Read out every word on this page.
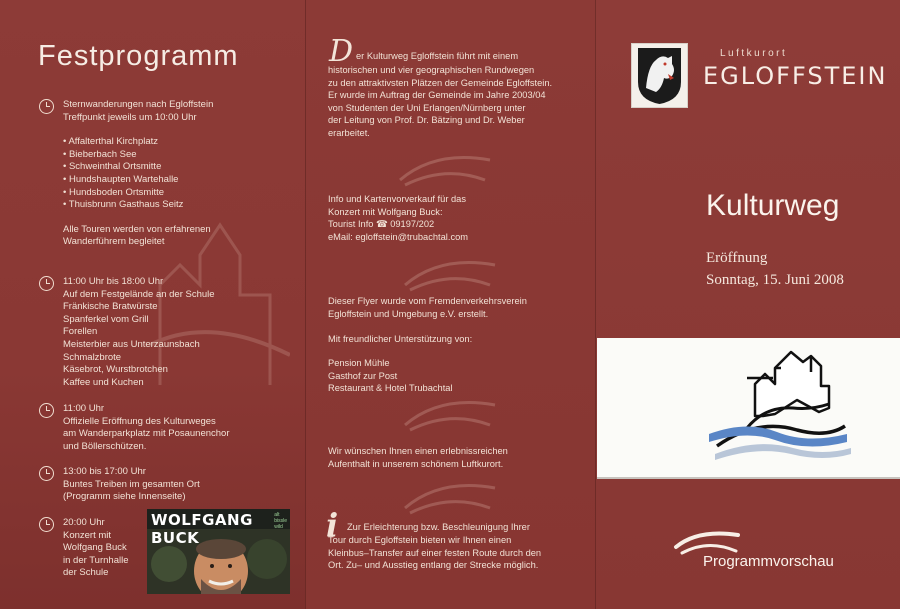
Festprogramm
Sternwanderungen nach Egloffstein
Treffpunkt jeweils um 10:00 Uhr
• Affalterthal Kirchplatz
• Bieberbach See
• Schweinthal Ortsmitte
• Hundshaupten Wartehalle
• Hundsboden Ortsmitte
• Thuisbrunn Gasthaus Seitz
Alle Touren werden von erfahrenen
Wanderführern begleitet
11:00 Uhr bis 18:00 Uhr
Auf dem Festgelände an der Schule
Fränkische Bratwürste
Spanferkel vom Grill
Forellen
Meisterbier aus Unterzaunsbach
Schmalzbrote
Käsebrot, Wurstbrotchen
Kaffee und Kuchen
11:00 Uhr
Offizielle Eröffnung des Kulturweges
am Wanderparkplatz mit Posaunenchor
und Böllerschützen.
13:00 bis 17:00 Uhr
Buntes Treiben im gesamten Ort
(Programm siehe Innenseite)
20:00 Uhr
Konzert mit
Wolfgang Buck
in der Turnhalle
der Schule
WOLFGANG BUCK
alt
bissle
wild
D er Kulturweg Egloffstein führt mit einem
historischen und vier geographischen Rundwegen
zu den attraktivsten Plätzen der Gemeinde Egloffstein.
Er wurde im Auftrag der Gemeinde im Jahre 2003/04
von Studenten der Uni Erlangen/Nürnberg unter
der Leitung von Prof. Dr. Bätzing und Dr. Weber
erarbeitet.
Info und Kartenvorverkauf für das
Konzert mit Wolfgang Buck:
Tourist Info ☎ 09197/202
eMail: egloffstein@trubachtal.com
Dieser Flyer wurde vom Fremdenverkehrsverein
Egloffstein und Umgebung e.V. erstellt.
Mit freundlicher Unterstützung von:
Pension Mühle
Gasthof zur Post
Restaurant & Hotel Trubachtal
Wir wünschen Ihnen einen erlebnissreichen
Aufenthalt in unserem schönem Luftkurort.
i Zur Erleichterung bzw. Beschleunigung Ihrer
Tour durch Egloffstein bieten wir Ihnen einen
Kleinbus–Transfer auf einer festen Route durch den
Ort. Zu– und Ausstieg entlang der Strecke möglich.
Luftkurort
EGLOFFSTEIN
Kulturweg
Eröffnung
Sonntag, 15. Juni 2008
Programmvorschau
